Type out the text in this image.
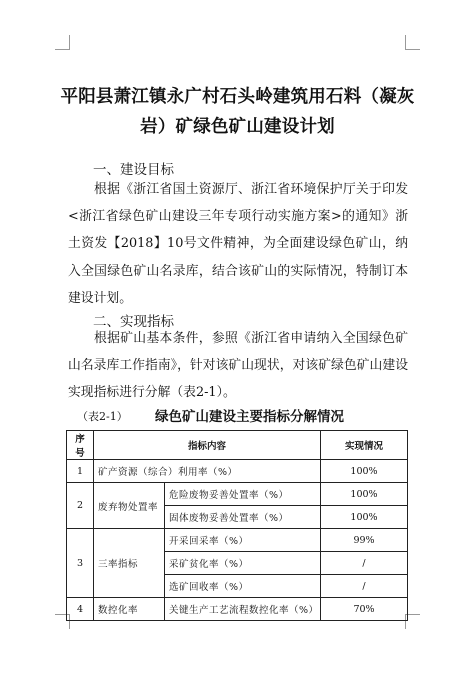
平阳县萧江镇永广村石头岭建筑用石料（凝灰岩）矿绿色矿山建设计划
一、建设目标
根据《浙江省国土资源厅、浙江省环境保护厅关于印发<浙江省绿色矿山建设三年专项行动实施方案>的通知》浙土资发【2018】10号文件精神，为全面建设绿色矿山，纳入全国绿色矿山名录库，结合该矿山的实际情况，特制订本建设计划。
二、实现指标
根据矿山基本条件，参照《浙江省申请纳入全国绿色矿山名录库工作指南》，针对该矿山现状，对该矿绿色矿山建设实现指标进行分解（表2-1）。
（表2-1） 绿色矿山建设主要指标分解情况
序号	指标内容		实现情况
1	矿产资源（综合）利用率（%）		100%
2	废弃物处置率	危险废物妥善处置率（%）	100%
		固体废物妥善处置率（%）	100%
3	三率指标	开采回采率（%）	99%
		采矿贫化率（%）	/
		选矿回收率（%）	/
4	数控化率	关键生产工艺流程数控化率（%）	70%
